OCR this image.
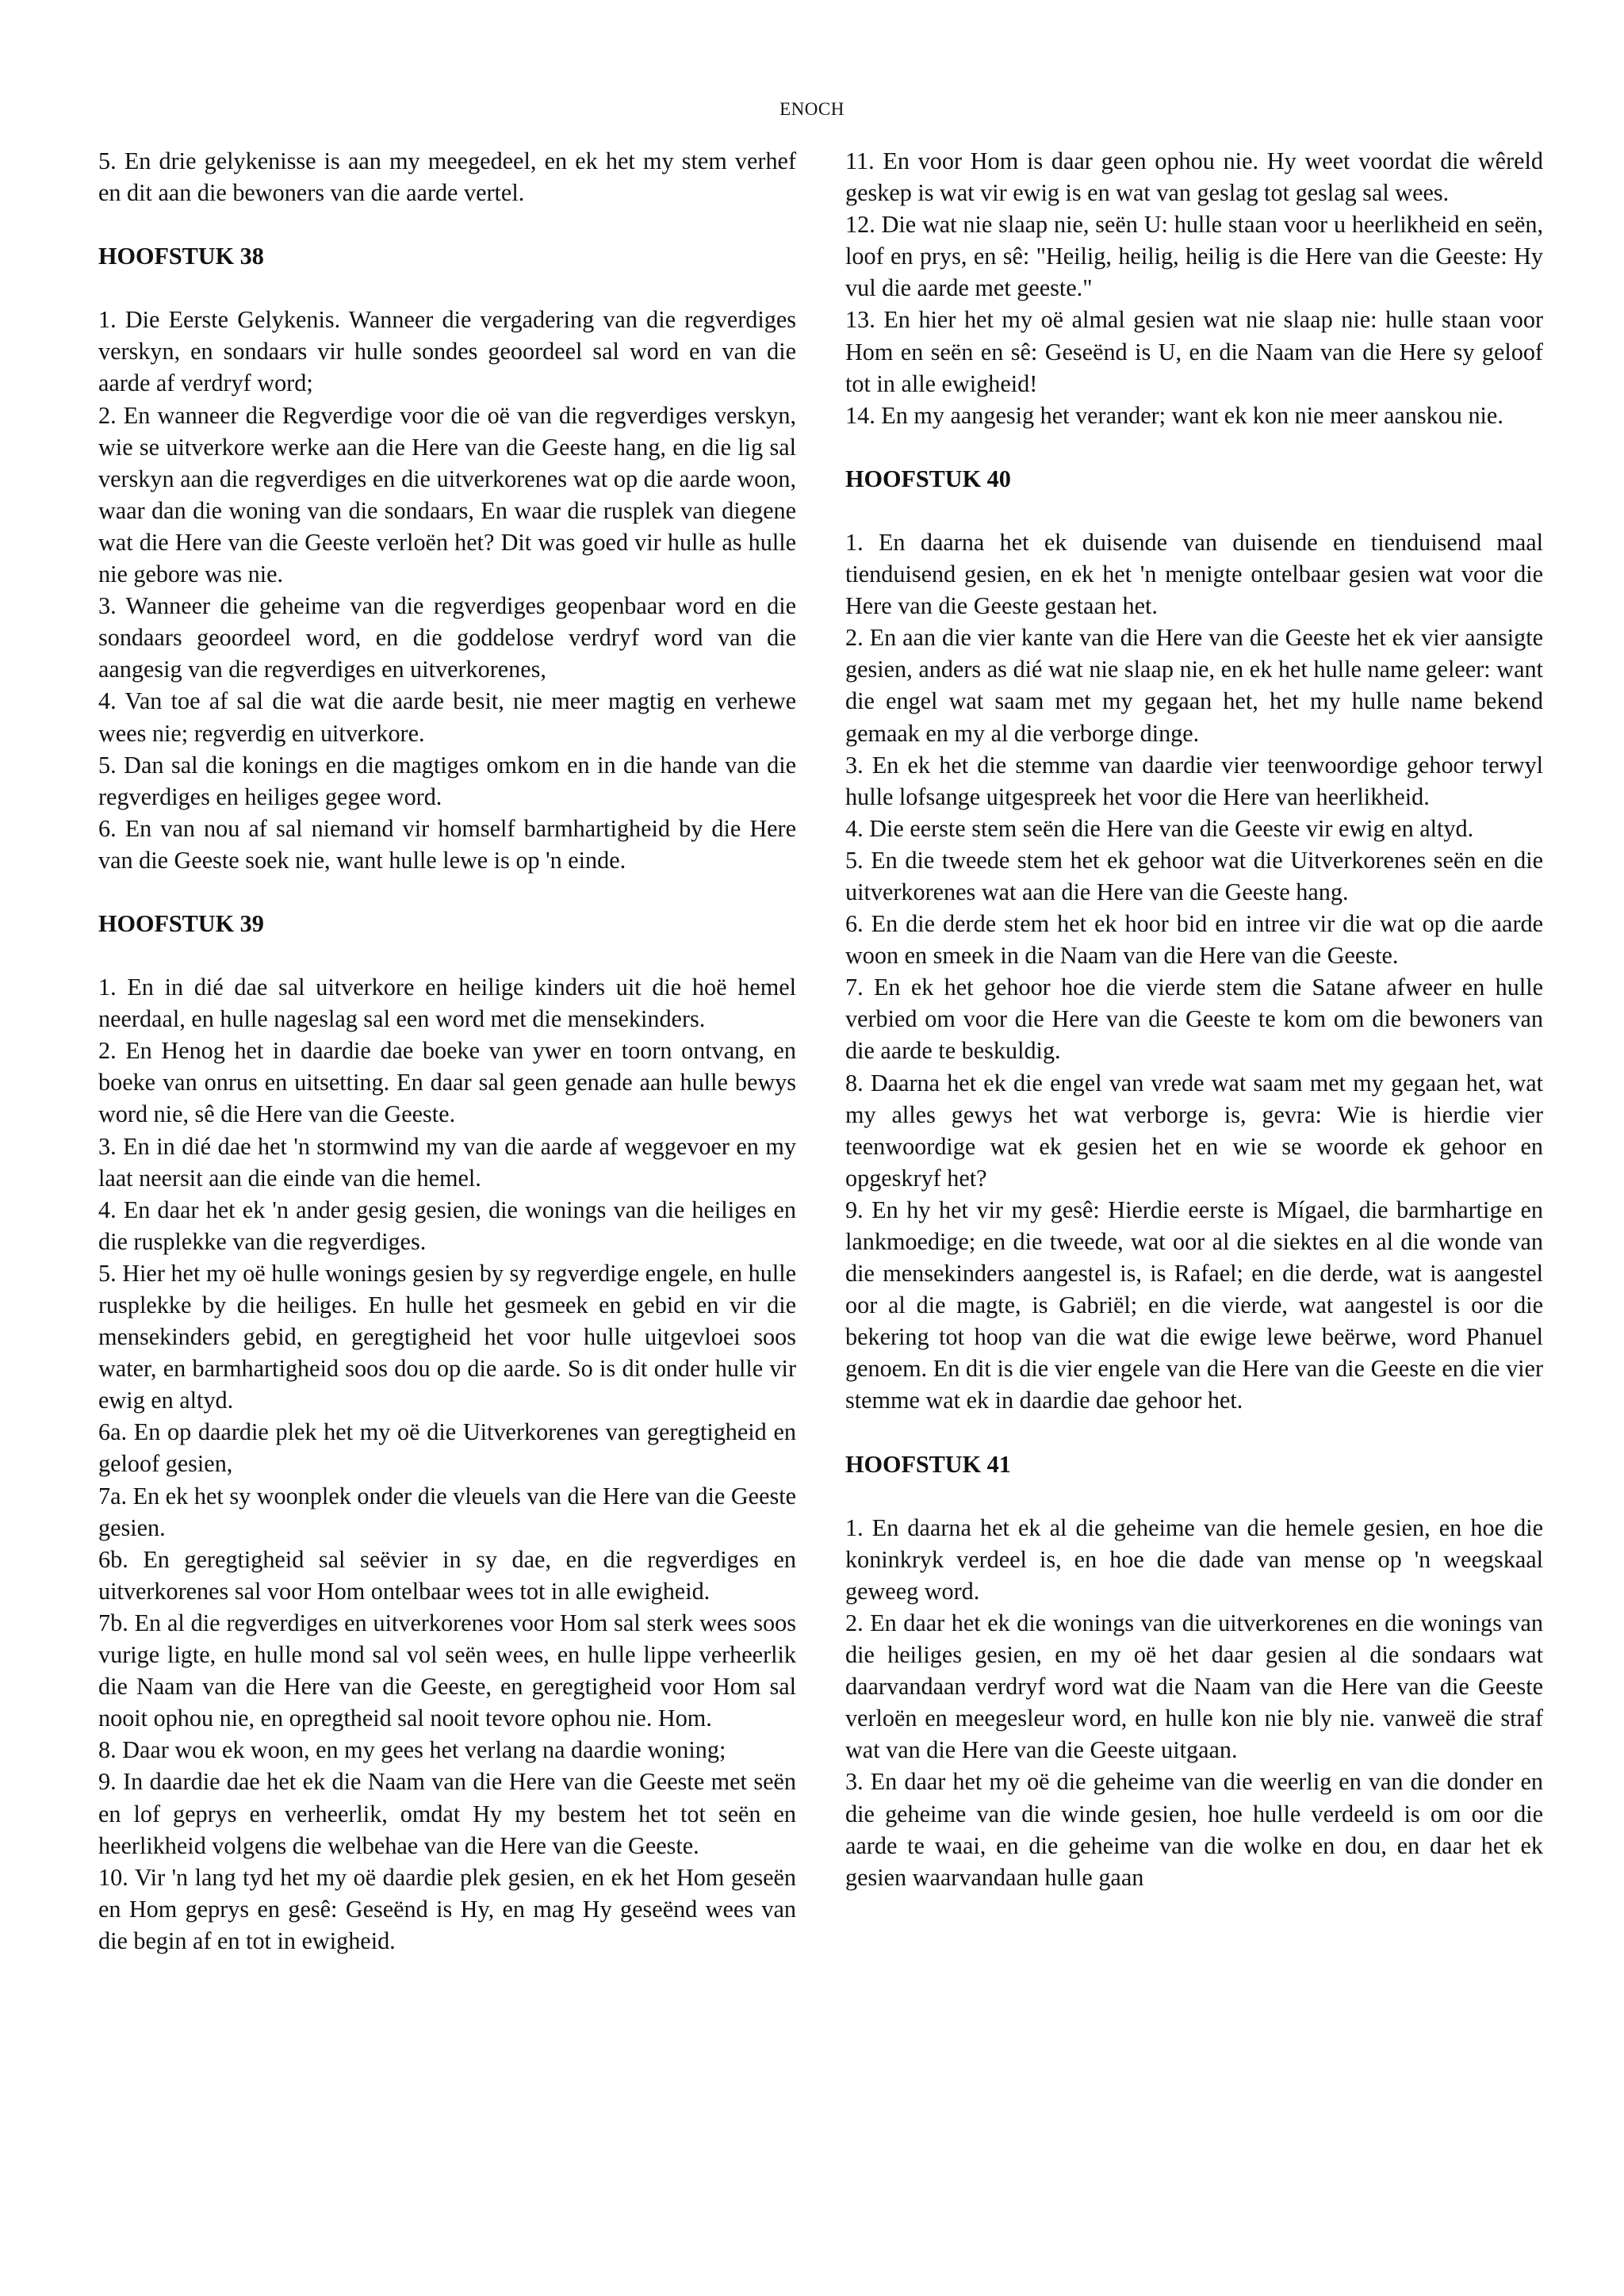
ENOCH

5. En drie gelykenisse is aan my meegedeel, en ek het my stem verhef en dit aan die bewoners van die aarde vertel.

HOOFSTUK 38

1. Die Eerste Gelykenis. Wanneer die vergadering van die regverdiges verskyn, en sondaars vir hulle sondes geoordeel sal word en van die aarde af verdryf word;

2. En wanneer die Regverdige voor die oë van die regverdiges verskyn, wie se uitverkore werke aan die Here van die Geeste hang, en die lig sal verskyn aan die regverdiges en die uitverkorenes wat op die aarde woon, waar dan die woning van die sondaars, En waar die rusplek van diegene wat die Here van die Geeste verloën het? Dit was goed vir hulle as hulle nie gebore was nie.

3. Wanneer die geheime van die regverdiges geopenbaar word en die sondaars geoordeel word, en die goddelose verdryf word van die aangesig van die regverdiges en uitverkorenes,

4. Van toe af sal die wat die aarde besit, nie meer magtig en verhewe wees nie; regverdig en uitverkore.

5. Dan sal die konings en die magtiges omkom en in die hande van die regverdiges en heiliges gegee word.

6. En van nou af sal niemand vir homself barmhartigheid by die Here van die Geeste soek nie, want hulle lewe is op 'n einde.

HOOFSTUK 39

1. En in dié dae sal uitverkore en heilige kinders uit die hoë hemel neerdaal, en hulle nageslag sal een word met die mensekinders.

2. En Henog het in daardie dae boeke van ywer en toorn ontvang, en boeke van onrus en uitsetting. En daar sal geen genade aan hulle bewys word nie, sê die Here van die Geeste.

3. En in dié dae het 'n stormwind my van die aarde af weggevoer en my laat neersit aan die einde van die hemel.

4. En daar het ek 'n ander gesig gesien, die wonings van die heiliges en die rusplekke van die regverdiges.

5. Hier het my oë hulle wonings gesien by sy regverdige engele, en hulle rusplekke by die heiliges. En hulle het gesmeek en gebid en vir die mensekinders gebid, en geregtigheid het voor hulle uitgevloei soos water, en barmhartigheid soos dou op die aarde. So is dit onder hulle vir ewig en altyd.

6a. En op daardie plek het my oë die Uitverkorenes van geregtigheid en geloof gesien,

7a. En ek het sy woonplek onder die vleuels van die Here van die Geeste gesien.

6b. En geregtigheid sal seëvier in sy dae, en die regverdiges en uitverkorenes sal voor Hom ontelbaar wees tot in alle ewigheid.

7b. En al die regverdiges en uitverkorenes voor Hom sal sterk wees soos vurige ligte, en hulle mond sal vol seën wees, en hulle lippe verheerlik die Naam van die Here van die Geeste, en geregtigheid voor Hom sal nooit ophou nie, en opregtheid sal nooit tevore ophou nie. Hom.

8. Daar wou ek woon, en my gees het verlang na daardie woning;

9. In daardie dae het ek die Naam van die Here van die Geeste met seën en lof geprys en verheerlik, omdat Hy my bestem het tot seën en heerlikheid volgens die welbehae van die Here van die Geeste.

10. Vir 'n lang tyd het my oë daardie plek gesien, en ek het Hom geseën en Hom geprys en gesê: Geseënd is Hy, en mag Hy geseënd wees van die begin af en tot in ewigheid.

11. En voor Hom is daar geen ophou nie. Hy weet voordat die wêreld geskep is wat vir ewig is en wat van geslag tot geslag sal wees.

12. Die wat nie slaap nie, seën U: hulle staan voor u heerlikheid en seën, loof en prys, en sê: "Heilig, heilig, heilig is die Here van die Geeste: Hy vul die aarde met geeste."

13. En hier het my oë almal gesien wat nie slaap nie: hulle staan voor Hom en seën en sê: Geseënd is U, en die Naam van die Here sy geloof tot in alle ewigheid!

14. En my aangesig het verander; want ek kon nie meer aanskou nie.

HOOFSTUK 40

1. En daarna het ek duisende van duisende en tienduisend maal tienduisend gesien, en ek het 'n menigte ontelbaar gesien wat voor die Here van die Geeste gestaan het.

2. En aan die vier kante van die Here van die Geeste het ek vier aansigte gesien, anders as dié wat nie slaap nie, en ek het hulle name geleer: want die engel wat saam met my gegaan het, het my hulle name bekend gemaak en my al die verborge dinge.

3. En ek het die stemme van daardie vier teenwoordige gehoor terwyl hulle lofsange uitgespreek het voor die Here van heerlikheid.

4. Die eerste stem seën die Here van die Geeste vir ewig en altyd.

5. En die tweede stem het ek gehoor wat die Uitverkorenes seën en die uitverkorenes wat aan die Here van die Geeste hang.

6. En die derde stem het ek hoor bid en intree vir die wat op die aarde woon en smeek in die Naam van die Here van die Geeste.

7. En ek het gehoor hoe die vierde stem die Satane afweer en hulle verbied om voor die Here van die Geeste te kom om die bewoners van die aarde te beskuldig.

8. Daarna het ek die engel van vrede wat saam met my gegaan het, wat my alles gewys het wat verborge is, gevra: Wie is hierdie vier teenwoordige wat ek gesien het en wie se woorde ek gehoor en opgeskryf het?

9. En hy het vir my gesê: Hierdie eerste is Mígael, die barmhartige en lankmoedige; en die tweede, wat oor al die siektes en al die wonde van die mensekinders aangestel is, is Rafael; en die derde, wat is aangestel oor al die magte, is Gabriël; en die vierde, wat aangestel is oor die bekering tot hoop van die wat die ewige lewe beërwe, word Phanuel genoem. En dit is die vier engele van die Here van die Geeste en die vier stemme wat ek in daardie dae gehoor het.

HOOFSTUK 41

1. En daarna het ek al die geheime van die hemele gesien, en hoe die koninkryk verdeel is, en hoe die dade van mense op 'n weegskaal geweeg word.

2. En daar het ek die wonings van die uitverkorenes en die wonings van die heiliges gesien, en my oë het daar gesien al die sondaars wat daarvandaan verdryf word wat die Naam van die Here van die Geeste verloën en meegesleur word, en hulle kon nie bly nie. vanweë die straf wat van die Here van die Geeste uitgaan.

3. En daar het my oë die geheime van die weerlig en van die donder en die geheime van die winde gesien, hoe hulle verdeeld is om oor die aarde te waai, en die geheime van die wolke en dou, en daar het ek gesien waarvandaan hulle gaan
